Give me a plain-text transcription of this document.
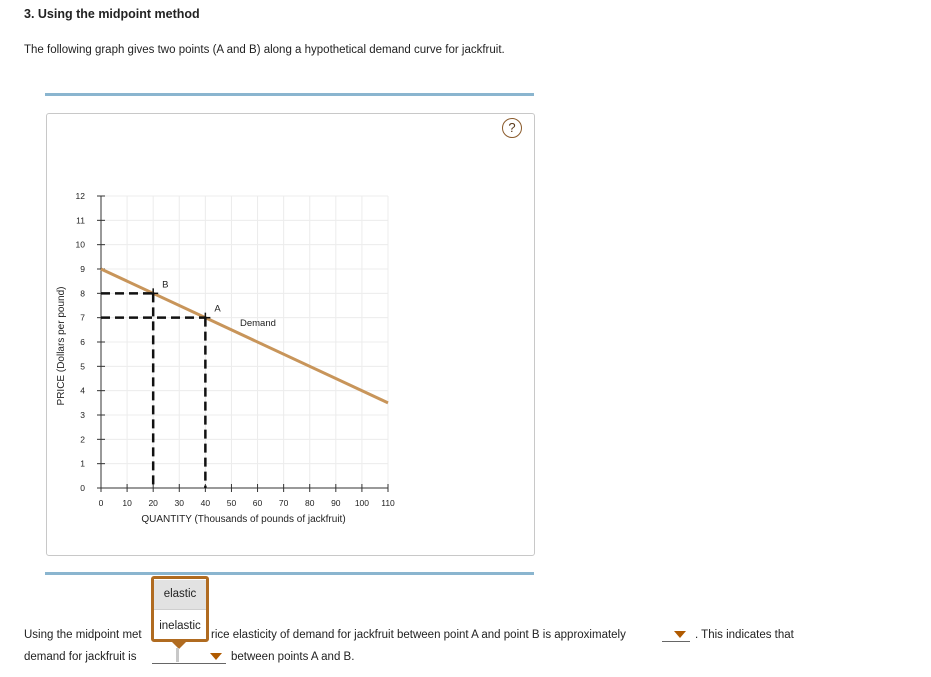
3. Using the midpoint method
The following graph gives two points (A and B) along a hypothetical demand curve for jackfruit.
?
0
1
2
3
4
5
6
7
8
9
10
11
12
0 10 20 30 40 50 60 70 80 90 100 110
Demand
B
A
QUANTITY (Thousands of pounds of jackfruit)
PRICE (Dollars per pound)
Using the midpoint met	rice elasticity of demand for jackfruit between point A and point B is approximately	. This indicates that
demand for jackfruit is	between points A and B.
elastic
inelastic
